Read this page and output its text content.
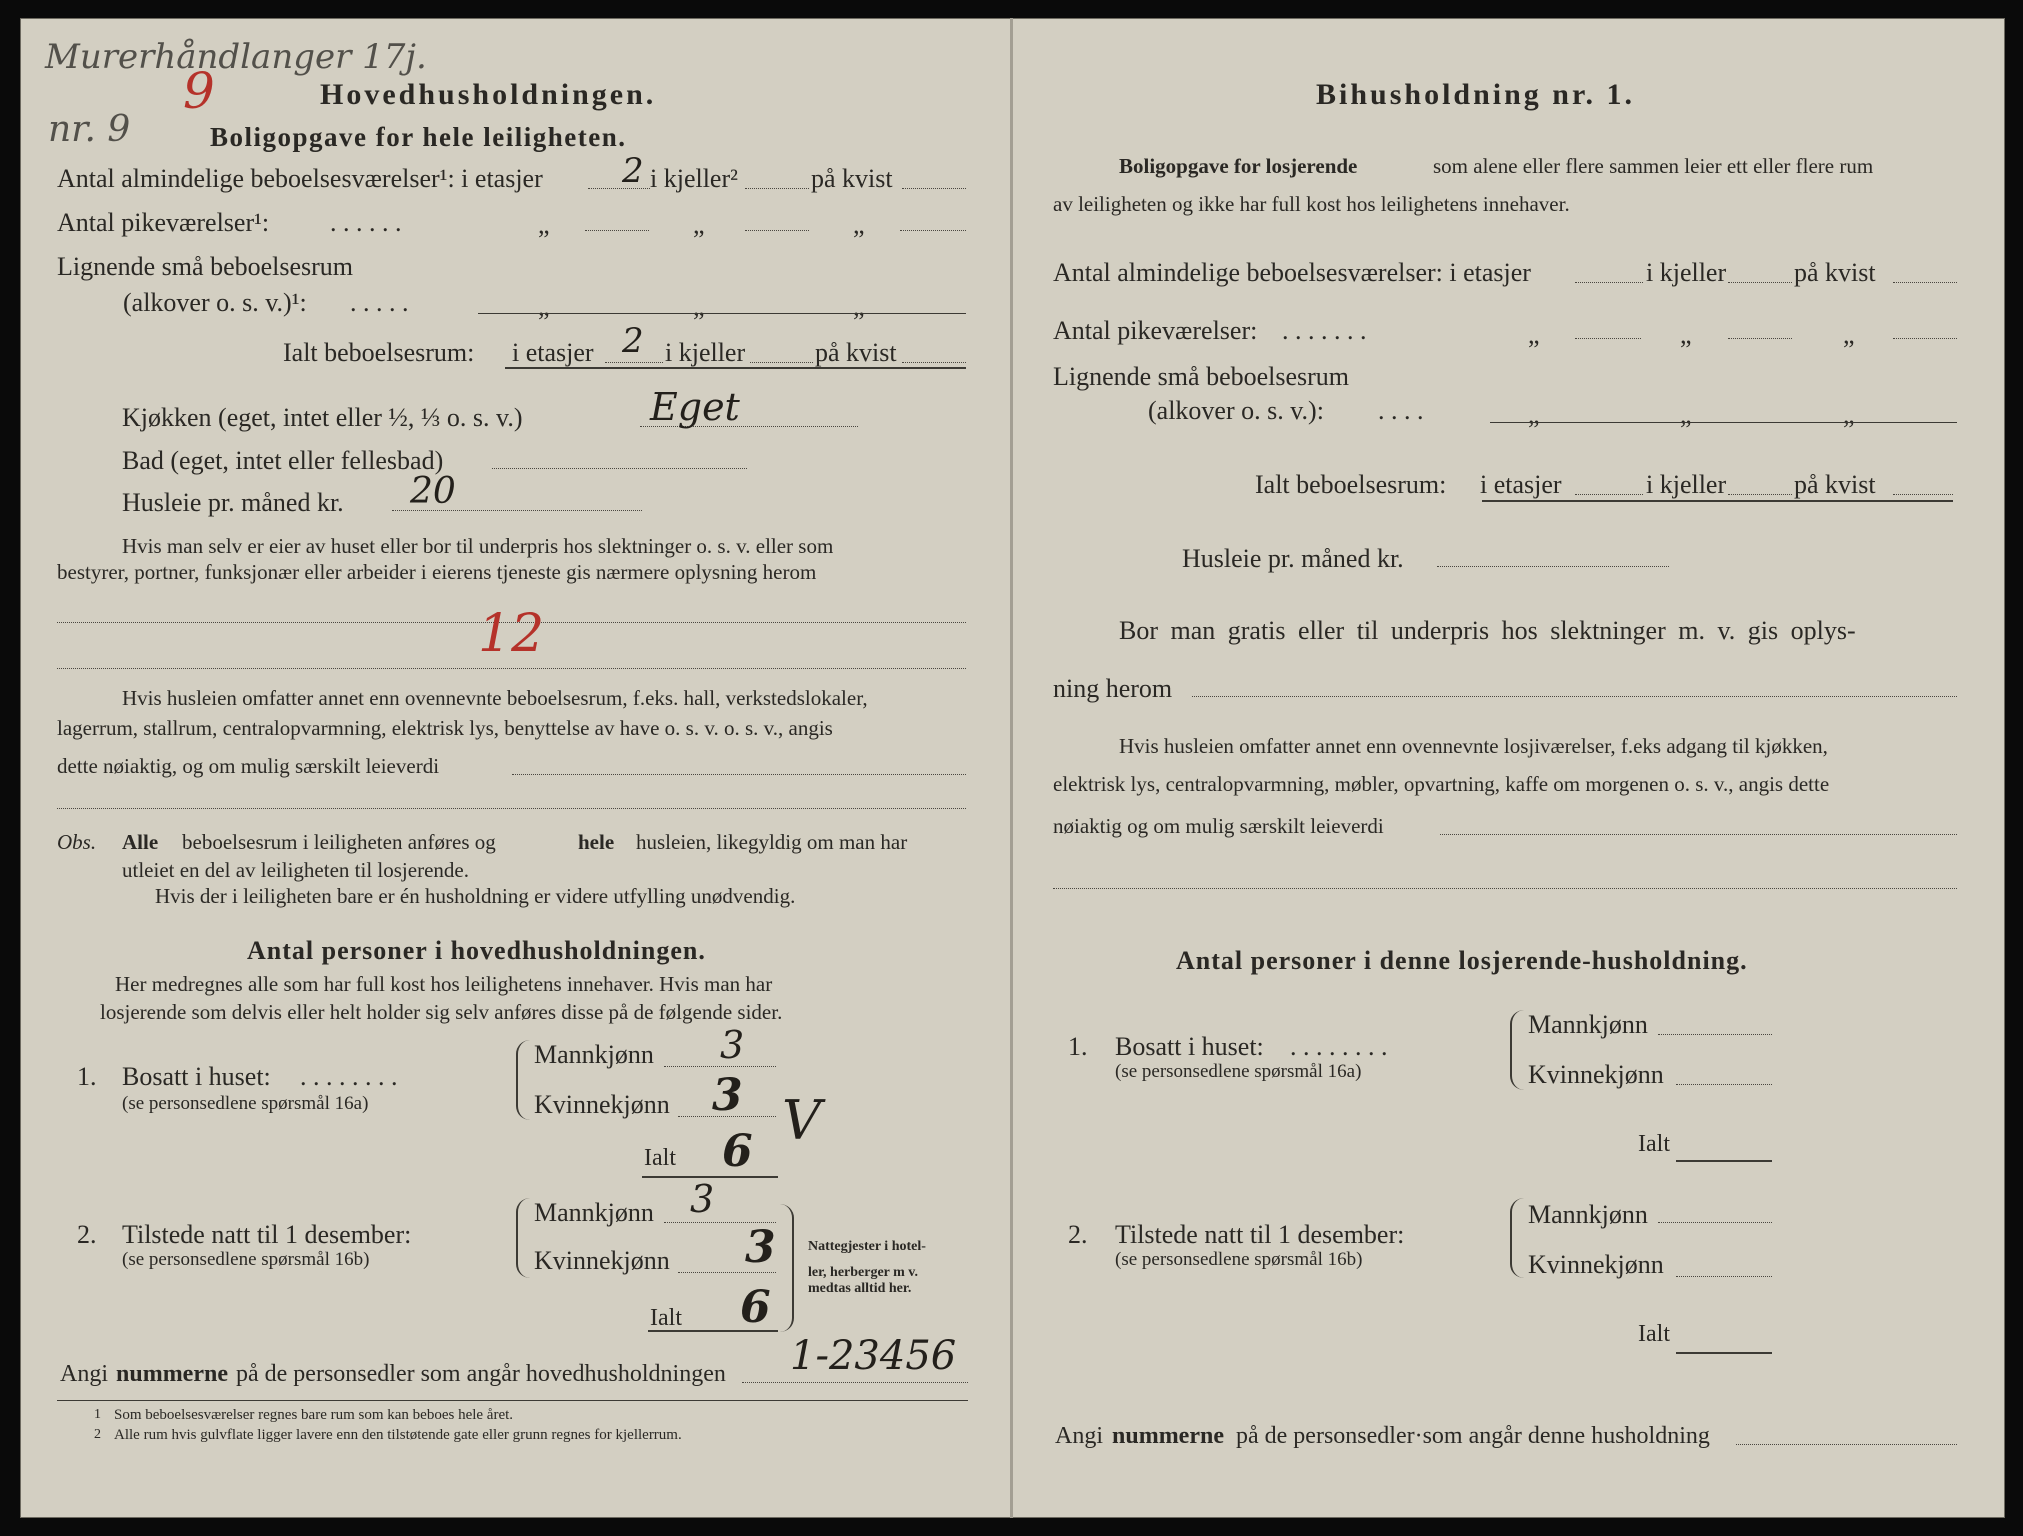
Murerhåndlanger 17j.
nr. 9
9	Hovedhusholdningen.
Boligopgave for hele leiligheten.
Antal almindelige beboelsesværelser¹: i etasjer 2 i kjeller²	på kvist
Antal pikeværelser¹: . . . . . .	„	„	„
Lignende små beboelsesrum
(alkover o. s. v.)¹: . . . . .	„	„	„
Ialt beboelsesrum: i etasjer 2 i kjeller	på kvist
Kjøkken (eget, intet eller ½, ⅓ o. s. v.)	Eget
Bad (eget, intet eller fellesbad)
Husleie pr. måned kr. 20
Hvis man selv er eier av huset eller bor til underpris hos slektninger o. s. v. eller som
bestyrer, portner, funksjonær eller arbeider i eierens tjeneste gis nærmere oplysning herom
12
Hvis husleien omfatter annet enn ovennevnte beboelsesrum, f.eks. hall, verkstedslokaler,
lagerrum, stallrum, centralopvarmning, elektrisk lys, benyttelse av have o. s. v. o. s. v., angis
dette nøiaktig, og om mulig særskilt leieverdi
Obs. Alle beboelsesrum i leiligheten anføres og	hele husleien, likegyldig om man har
utleiet en del av leiligheten til losjerende.
Hvis der i leiligheten bare er én husholdning er videre utfylling unødvendig.
Antal personer i hovedhusholdningen.
Her medregnes alle som har full kost hos leilighetens innehaver. Hvis man har
losjerende som delvis eller helt holder sig selv anføres disse på de følgende sider.
1. Bosatt i huset: . . . . . . . .
(se personsedlene spørsmål 16a)
Mannkjønn 3
Kvinnekjønn 3
Ialt 6 V
2. Tilstede natt til 1 desember:
(se personsedlene spørsmål 16b)
Mannkjønn 3
Kvinnekjønn 3
Ialt 6
Nattegjester i hotel-
ler, herberger m v.
medtas alltid her.
Angi nummerne på de personsedler som angår hovedhusholdningen 1-23456
1 Som beboelsesværelser regnes bare rum som kan beboes hele året.
2 Alle rum hvis gulvflate ligger lavere enn den tilstøtende gate eller grunn regnes for kjellerrum.
Bihusholdning nr. 1.
Boligopgave for losjerende	som alene eller flere sammen leier ett eller flere rum
av leiligheten og ikke har full kost hos leilighetens innehaver.
Antal almindelige beboelsesværelser: i etasjer	i kjeller	på kvist
Antal pikeværelser: . . . . . . .	„	„	„
Lignende små beboelsesrum
(alkover o. s. v.): . . . .	„	„	„
Ialt beboelsesrum: i etasjer	i kjeller	på kvist
Husleie pr. måned kr.
Bor man gratis eller til underpris hos slektninger m. v. gis oplys-
ning herom
Hvis husleien omfatter annet enn ovennevnte losjiværelser, f.eks adgang til kjøkken,
elektrisk lys, centralopvarmning, møbler, opvartning, kaffe om morgenen o. s. v., angis dette
nøiaktig og om mulig særskilt leieverdi
Antal personer i denne losjerende-husholdning.
1. Bosatt i huset: . . . . . . . .
(se personsedlene spørsmål 16a)
Mannkjønn
Kvinnekjønn
Ialt
2. Tilstede natt til 1 desember:
(se personsedlene spørsmål 16b)
Mannkjønn
Kvinnekjønn
Ialt
Angi nummerne på de personsedler·som angår denne husholdning
